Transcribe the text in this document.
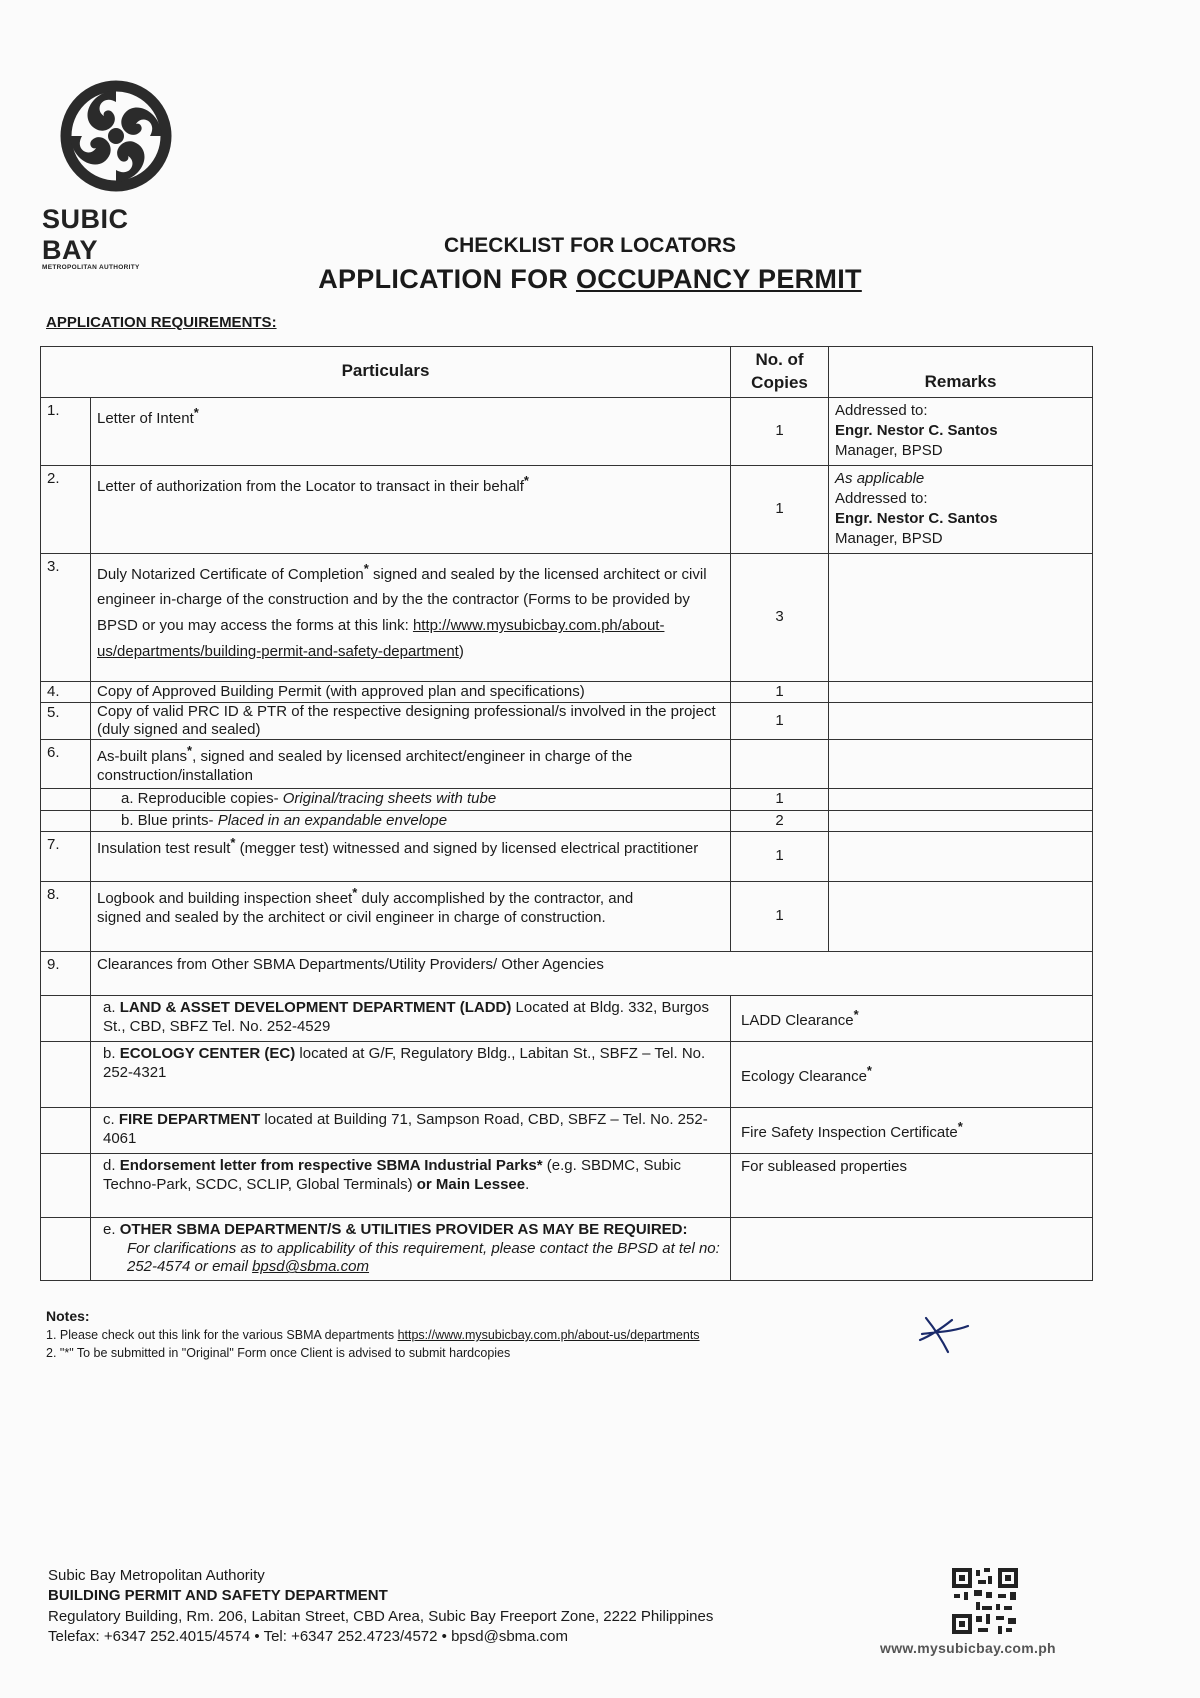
SUBIC BAY
METROPOLITAN AUTHORITY
CHECKLIST FOR LOCATORS
APPLICATION FOR OCCUPANCY PERMIT
APPLICATION REQUIREMENTS:
Particulars		No. of Copies	Remarks
1.	Letter of Intent*	1	Addressed to:
Engr. Nestor C. Santos
Manager, BPSD

2.	Letter of authorization from the Locator to transact in their behalf*	1	As applicable
Addressed to:
Engr. Nestor C. Santos
Manager, BPSD

3.	Duly Notarized Certificate of Completion* signed and sealed by the licensed architect or civil engineer in-charge of the construction and by the the contractor (Forms to be provided by BPSD or you may access the forms at this link: http://www.mysubicbay.com.ph/about-us/departments/building-permit-and-safety-department)	3	
4.	Copy of Approved Building Permit (with approved plan and specifications)	1	
5.	Copy of valid PRC ID & PTR of the respective designing professional/s involved in the project (duly signed and sealed)	1	
6.	As-built plans*, signed and sealed by licensed architect/engineer in charge of the construction/installation		
	a. Reproducible copies- Original/tracing sheets with tube	1	
	b. Blue prints- Placed in an expandable envelope	2	
7.	Insulation test result* (megger test) witnessed and signed by licensed electrical practitioner	1	
8.	Logbook and building inspection sheet* duly accomplished by the contractor, and signed and sealed by the architect or civil engineer in charge of construction.	1	
9.	Clearances from Other SBMA Departments/Utility Providers/ Other Agencies		
	a. LAND & ASSET DEVELOPMENT DEPARTMENT (LADD) Located at Bldg. 332, Burgos St., CBD, SBFZ Tel. No. 252-4529	LADD Clearance*
	b. ECOLOGY CENTER (EC) located at G/F, Regulatory Bldg., Labitan St., SBFZ – Tel. No. 252-4321	Ecology Clearance*
	c. FIRE DEPARTMENT located at Building 71, Sampson Road, CBD, SBFZ – Tel. No. 252-4061	Fire Safety Inspection Certificate*
	d. Endorsement letter from respective SBMA Industrial Parks* (e.g. SBDMC, Subic Techno-Park, SCDC, SCLIP, Global Terminals) or Main Lessee.	For subleased properties	
	e. OTHER SBMA DEPARTMENT/S & UTILITIES PROVIDER AS MAY BE REQUIRED:
For clarifications as to applicability of this requirement, please contact the BPSD at tel no: 252-4574 or email bpsd@sbma.com		

Notes:
1. Please check out this link for the various SBMA departments https://www.mysubicbay.com.ph/about-us/departments
2. "*" To be submitted in "Original" Form once Client is advised to submit hardcopies
Subic Bay Metropolitan Authority
BUILDING PERMIT AND SAFETY DEPARTMENT
Regulatory Building, Rm. 206, Labitan Street, CBD Area, Subic Bay Freeport Zone, 2222 Philippines
Telefax: +6347 252.4015/4574 • Tel: +6347 252.4723/4572 • bpsd@sbma.com
www.mysubicbay.com.ph
